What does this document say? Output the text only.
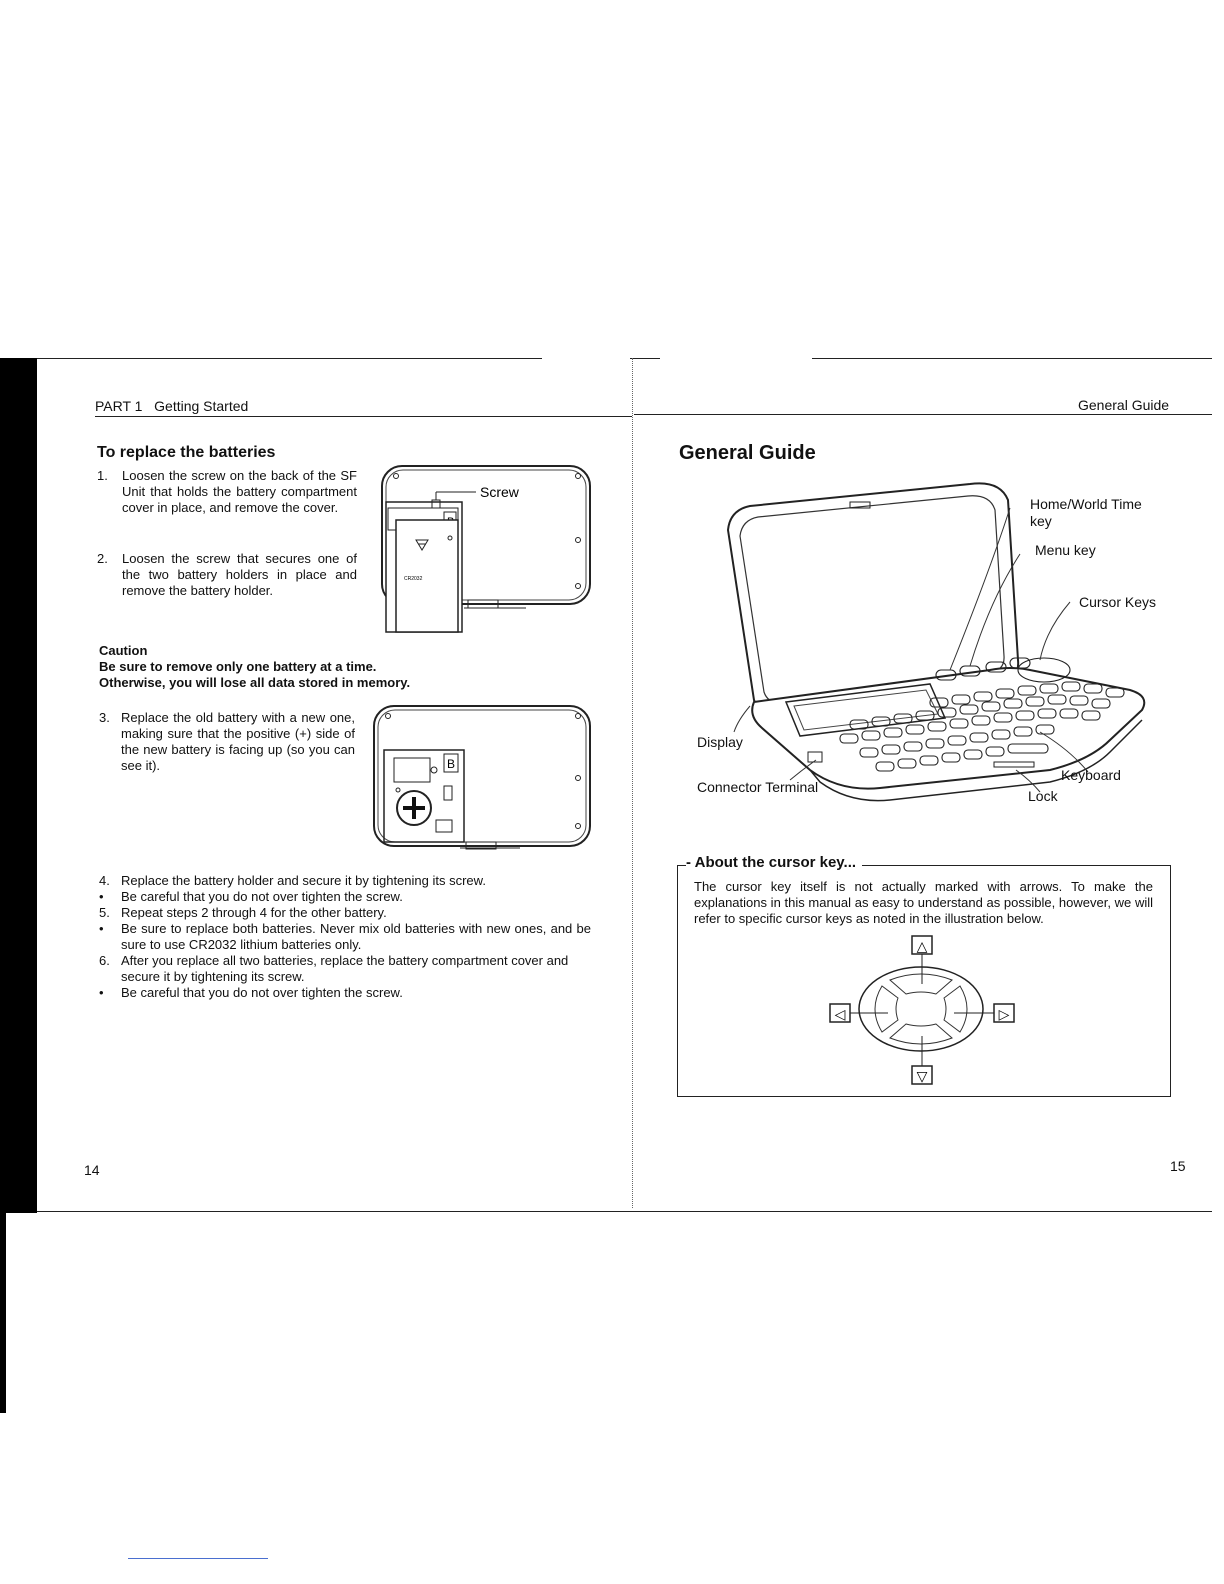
PART 1 Getting Started	General Guide
To replace the batteries
1. Loosen the screw on the back of the SF Unit that holds the battery compartment cover in place, and remove the cover.
2. Loosen the screw that secures one of the two battery holders in place and remove the battery holder.
CR2032
Screw
Caution
Be sure to remove only one battery at a time.
Otherwise, you will lose all data stored in memory.
3. Replace the old battery with a new one, making sure that the positive (+) side of the new battery is facing up (so you can see it).	B
4. Replace the battery holder and secure it by tightening its screw.
• Be careful that you do not over tighten the screw.
5. Repeat steps 2 through 4 for the other battery.
• Be sure to replace both batteries. Never mix old batteries with new ones, and be sure to use CR2032 lithium batteries only.
6. After you replace all two batteries, replace the battery compartment cover and secure it by tightening its screw.
• Be careful that you do not over tighten the screw.
14
General Guide
Home/World Time
key
Menu key
Cursor Keys
Display
Connector Terminal
Keyboard
Lock
- About the cursor key...
The cursor key itself is not actually marked with arrows. To make the explanations in this manual as easy to understand as possible, however, we will refer to specific cursor keys as noted in the illustration below.
△
▽
◁	▷
15
